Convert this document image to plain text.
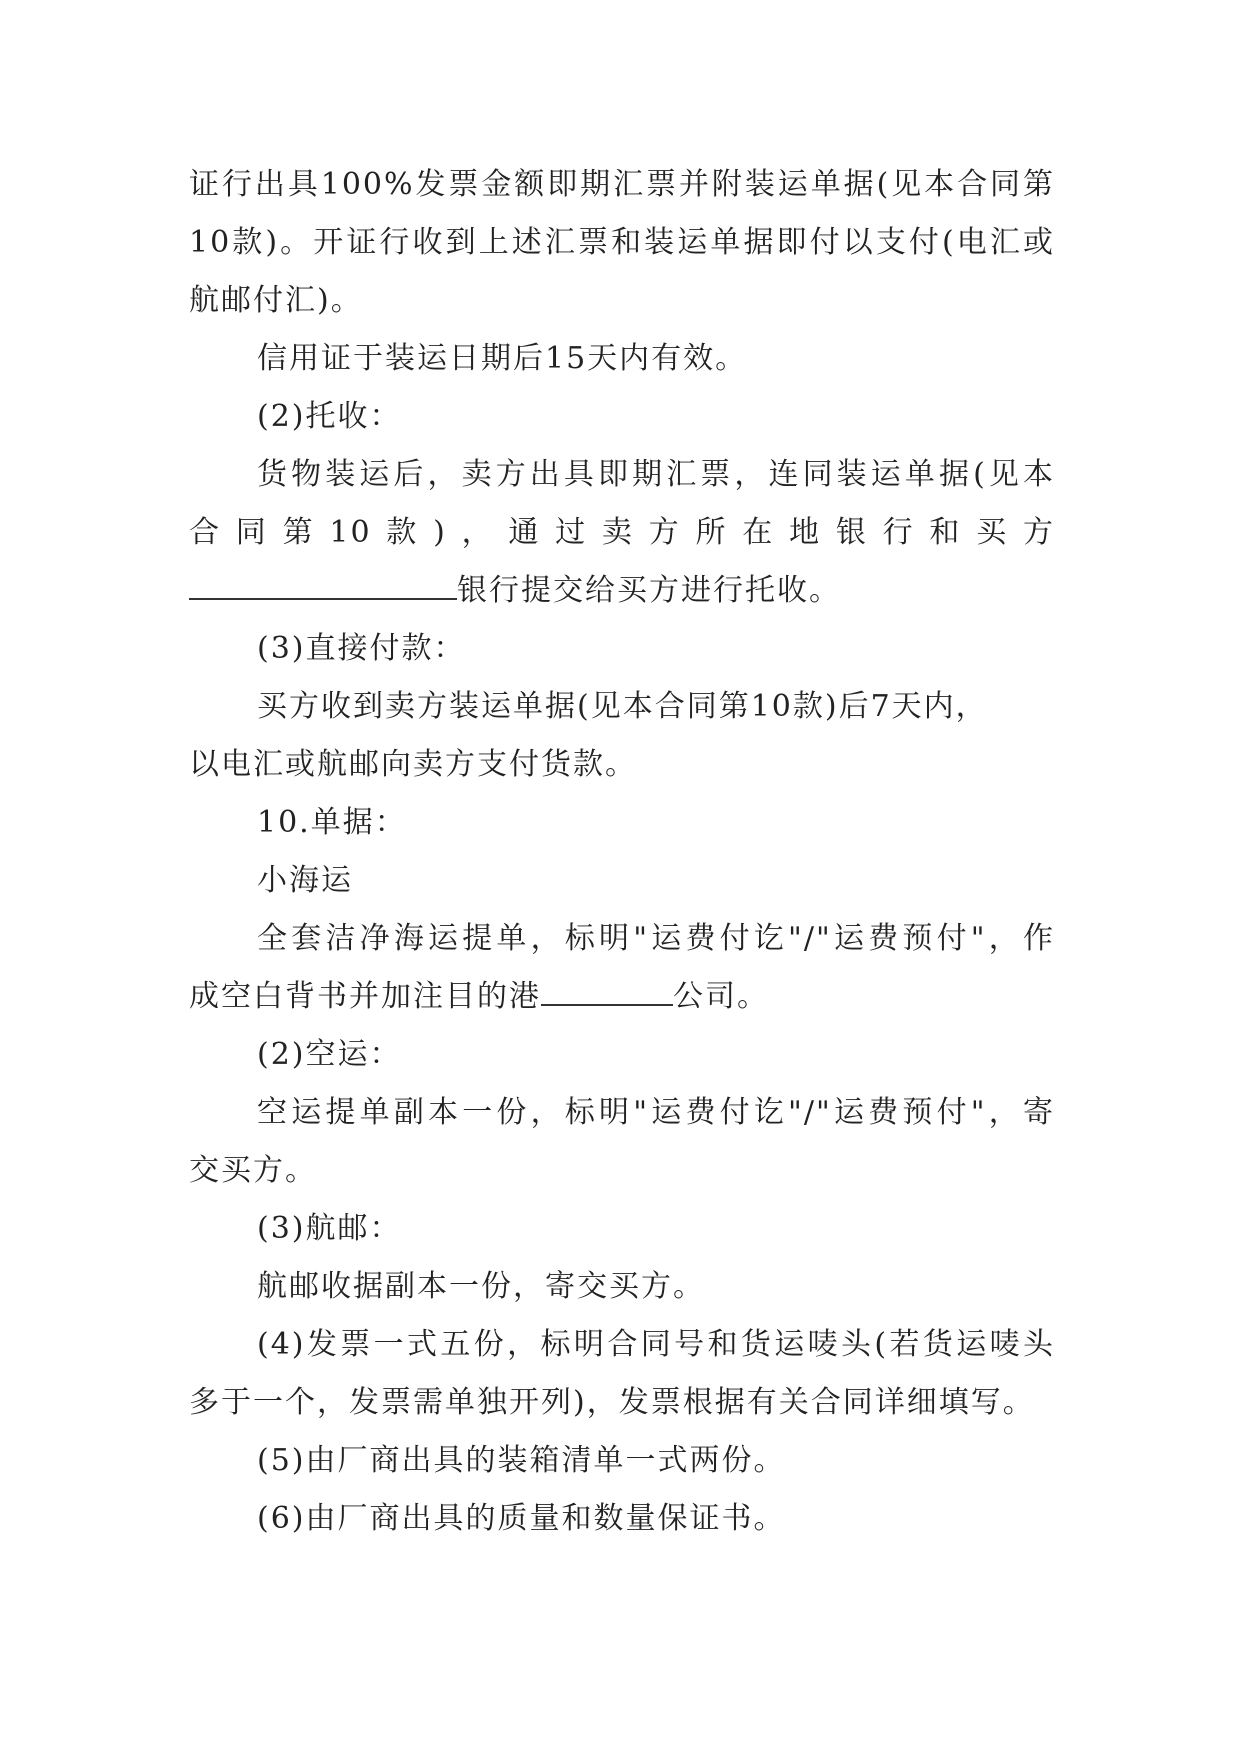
证行出具100%发票金额即期汇票并附装运单据(见本合同第
10款)。开证行收到上述汇票和装运单据即付以支付(电汇或
航邮付汇)。
信用证于装运日期后15天内有效。
(2)托收：
货物装运后，卖方出具即期汇票，连同装运单据(见本
合同第10款)，通过卖方所在地银行和买方
银行提交给买方进行托收。
(3)直接付款：
买方收到卖方装运单据(见本合同第10款)后7天内，
以电汇或航邮向卖方支付货款。
10.单据：
小海运
全套洁净海运提单，标明"运费付讫"/"运费预付"，作
成空白背书并加注目的港	公司。
(2)空运：
空运提单副本一份，标明"运费付讫"/"运费预付"，寄
交买方。
(3)航邮：
航邮收据副本一份，寄交买方。
(4)发票一式五份，标明合同号和货运唛头(若货运唛头
多于一个，发票需单独开列)，发票根据有关合同详细填写。
(5)由厂商出具的装箱清单一式两份。
(6)由厂商出具的质量和数量保证书。
